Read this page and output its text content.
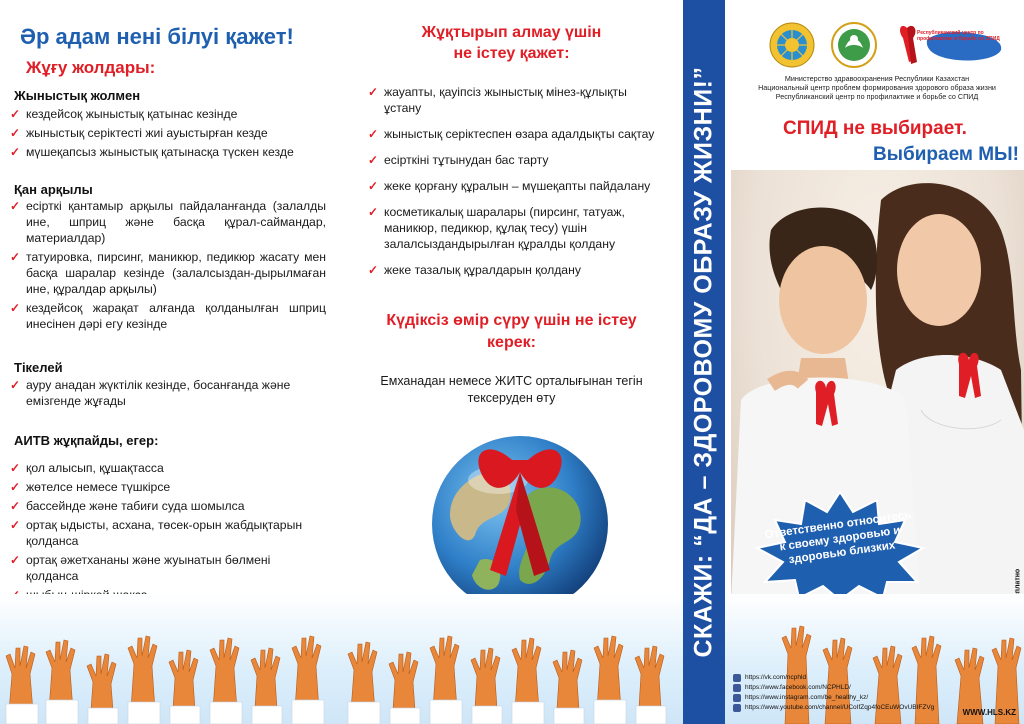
Әр адам нені білуі қажет!
Жұғу жолдары:
Жыныстық жолмен
✓ кездейсоқ жыныстық қатынас кезінде
✓ жыныстық серіктесті жиі ауыстырған кезде
✓ мүшеқапсыз жыныстық қатынасқа түскен кезде
Қан арқылы
✓ есірткі қантамыр арқылы пайдаланғанда (залалды ине, шприц және басқа құрал-саймандар, материалдар)
✓ татуировка, пирсинг, маникюр, педикюр жасату мен басқа шаралар кезінде (залалсыздан-дырылмаған ине, құралдар арқылы)
✓ кездейсоқ жарақат алғанда қолданылған шприц инесінен дәрі егу кезінде
Тікелей
✓ ауру анадан жүктілік кезінде, босанғанда және емізгенде жұғады
АИТВ жұқпайды, егер:
✓ қол алысып, құшақтасса
✓ жөтелсе немесе түшкірсе
✓ бассейнде және табиғи суда шомылса
✓ ортақ ыдысты, асхана, төсек-орын жабдықтарын қолданса
✓ ортақ әжетхананы және жуынатын бөлмені қолданса
Жұқтырып алмау үшін
не істеу қажет:
✓ жауапты, қауіпсіз жыныстық мінез-құлықты ұстану
✓ жыныстық серіктеспен өзара адалдықты сақтау
✓ есірткіні тұтынудан бас тарту
✓ жеке қорғану құралын – мүшеқапты пайдалану
✓ косметикалық шаралары (пирсинг, татуаж, маникюр, педикюр, құлақ тесу) үшін залалсыздандырылған құралды қолдану
✓ жеке тазалық құралдарын қолдану
Күдіксіз өмір сүру үшін не істеу
керек:
Емханадан немесе ЖИТС орталығынан тегін
тексеруден өту	СКАЖИ: “ДА – ЗДОРОВОМУ ОБРАЗУ ЖИЗНИ!”
Республиканский центр по профилактике и борьбе со СПИД
Министерство здравоохранения Республики Казахстан
Национальный центр проблем формирования здорового образа жизни
Республиканский центр по профилактике и борьбе со СПИД
СПИД не выбирает.
Выбираем МЫ!
Ответственно относитесь к своему здоровью и здоровью близких
https://vk.com/ncphld
https://www.facebook.com/NCPHLD/
https://www.instagram.com/be_healthy_kz/
https://www.youtube.com/channel/UCoIfZqp4foCEuWOvUBIFZVg
WWW.HLS.KZ
